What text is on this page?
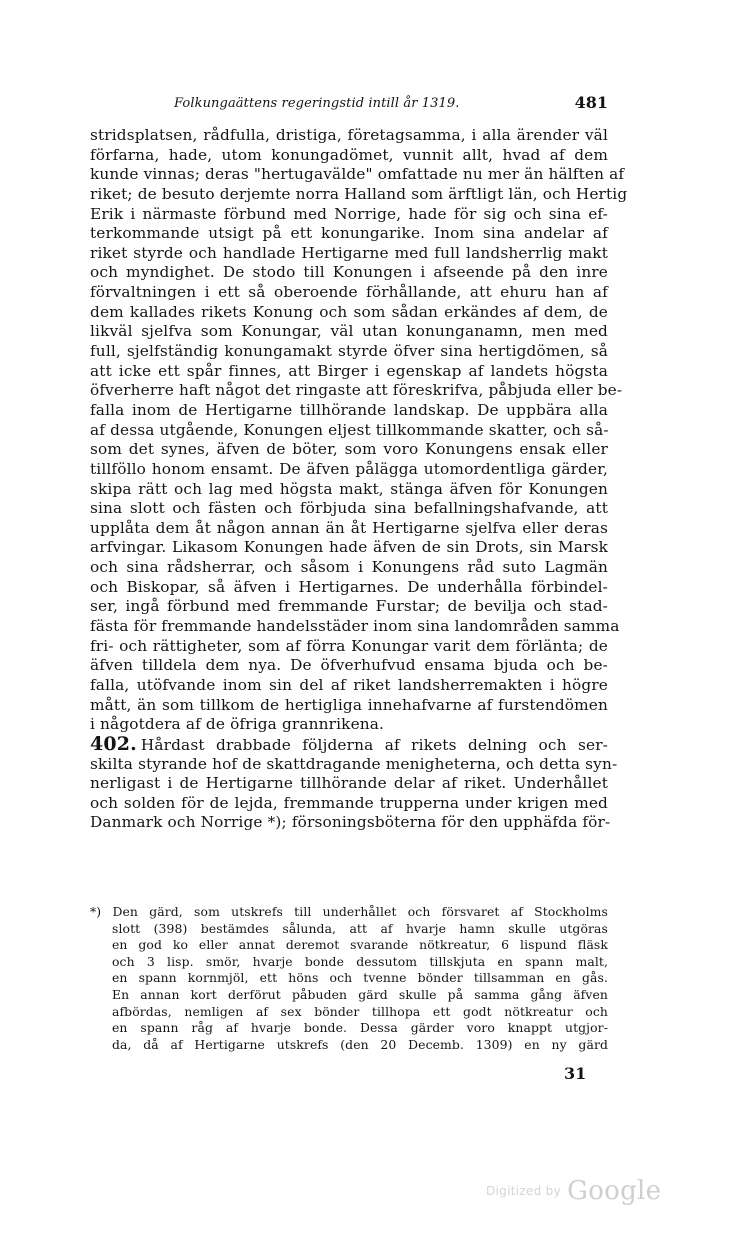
Folkungaättens regeringstid intill år 1319.	481
stridsplatsen, rådfulla, dristiga, företagsamma, i alla ärender väl
förfarna, hade, utom konungadömet, vunnit allt, hvad af dem
kunde vinnas; deras "hertugavälde" omfattade nu mer än hälften af
riket; de besuto derjemte norra Halland som ärftligt län, och Hertig
Erik i närmaste förbund med Norrige, hade för sig och sina ef-
terkommande utsigt på ett konungarike. Inom sina andelar af
riket styrde och handlade Hertigarne med full landsherrlig makt
och myndighet. De stodo till Konungen i afseende på den inre
förvaltningen i ett så oberoende förhållande, att ehuru han af
dem kallades rikets Konung och som sådan erkändes af dem, de
likväl sjelfva som Konungar, väl utan konunganamn, men med
full, sjelfständig konungamakt styrde öfver sina hertigdömen, så
att icke ett spår finnes, att Birger i egenskap af landets högsta
öfverherre haft något det ringaste att föreskrifva, påbjuda eller be-
falla inom de Hertigarne tillhörande landskap. De uppbära alla
af dessa utgående, Konungen eljest tillkommande skatter, och så-
som det synes, äfven de böter, som voro Konungens ensak eller
tillföllo honom ensamt. De äfven pålägga utomordentliga gärder,
skipa rätt och lag med högsta makt, stänga äfven för Konungen
sina slott och fästen och förbjuda sina befallningshafvande, att
upplåta dem åt någon annan än åt Hertigarne sjelfva eller deras
arfvingar. Likasom Konungen hade äfven de sin Drots, sin Marsk
och sina rådsherrar, och såsom i Konungens råd suto Lagmän
och Biskopar, så äfven i Hertigarnes. De underhålla förbindel-
ser, ingå förbund med fremmande Furstar; de bevilja och stad-
fästa för fremmande handelsstäder inom sina landområden samma
fri- och rättigheter, som af förra Konungar varit dem förlänta; de
äfven tilldela dem nya. De öfverhufvud ensama bjuda och be-
falla, utöfvande inom sin del af riket landsherremakten i högre
mått, än som tillkom de hertigliga innehafvarne af furstendömen
i någotdera af de öfriga grannrikena.
402. Hårdast drabbade följderna af rikets delning och ser-
skilta styrande hof de skattdragande menigheterna, och detta syn-
nerligast i de Hertigarne tillhörande delar af riket. Underhållet
och solden för de lejda, fremmande trupperna under krigen med
Danmark och Norrige *); försoningsböterna för den upphäfda för-
*) Den gärd, som utskrefs till underhållet och försvaret af Stockholms
slott (398) bestämdes sålunda, att af hvarje hamn skulle utgöras
en god ko eller annat deremot svarande nötkreatur, 6 lispund fläsk
och 3 lisp. smör, hvarje bonde dessutom tillskjuta en spann malt,
en spann kornmjöl, ett höns och tvenne bönder tillsamman en gås.
En annan kort derförut påbuden gärd skulle på samma gång äfven
afbördas, nemligen af sex bönder tillhopa ett godt nötkreatur och
en spann råg af hvarje bonde. Dessa gärder voro knappt utgjor-
da, då af Hertigarne utskrefs (den 20 Decemb. 1309) en ny gärd
31
Digitized by Google
